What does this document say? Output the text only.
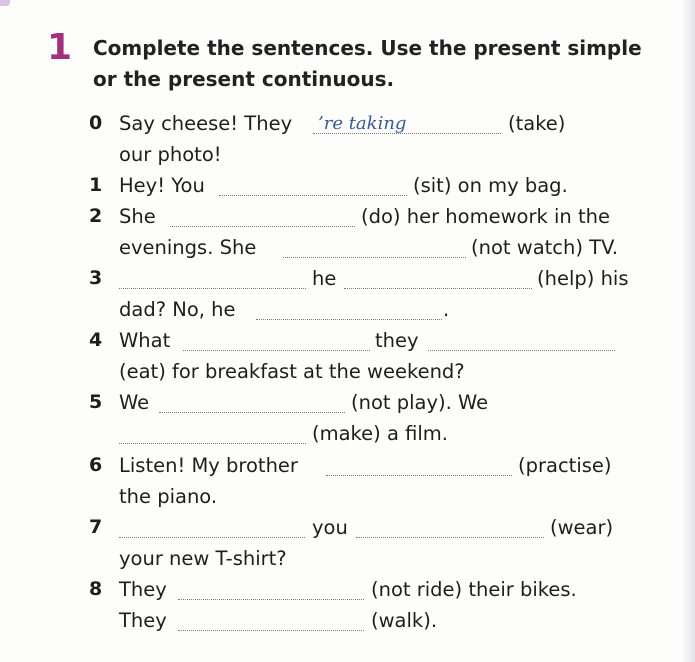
1 Complete the sentences. Use the present simple
or the present continuous.

0 Say cheese! They ’re taking	(take)
our photo!
1 Hey! You	(sit) on my bag.
2 She	(do) her homework in the
evenings. She	(not watch) TV.
3	he	(help) his
dad? No, he	.
4 What	they
(eat) for breakfast at the weekend?
5 We	(not play). We
(make) a film.
6 Listen! My brother	(practise)
the piano.
7	you	(wear)
your new T-shirt?
8 They	(not ride) their bikes.
They	(walk).
